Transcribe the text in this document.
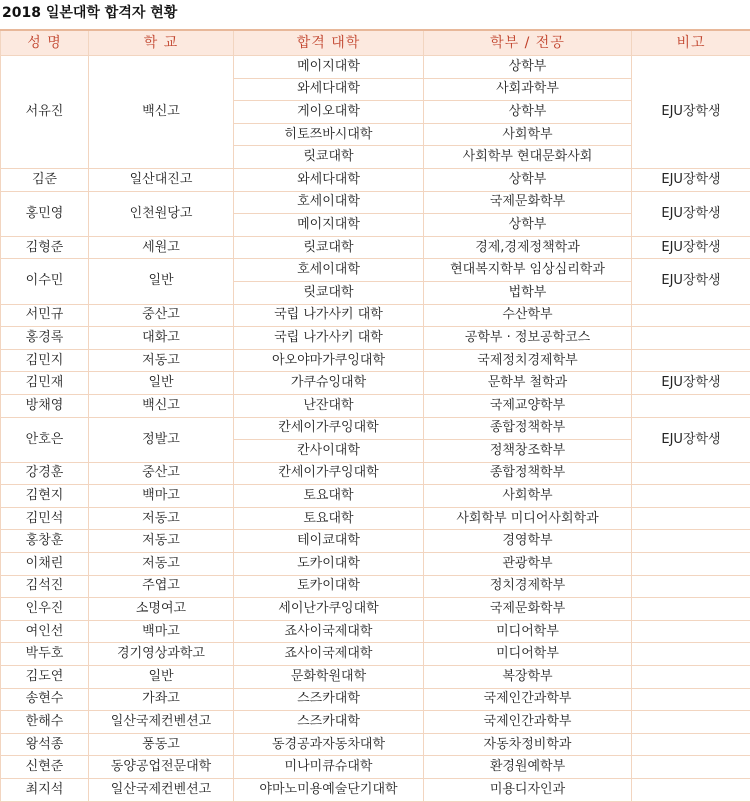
2018 일본대학 합격자 현황
성 명	학 교	합격 대학	학부 / 전공	비고
서유진	백신고	메이지대학	상학부	EJU장학생
		와세다대학	사회과학부	
		게이오대학	상학부	
		히토쯔바시대학	사회학부	
		릿쿄대학	사회학부 현대문화사회	
김준	일산대진고	와세다대학	상학부	EJU장학생
홍민영	인천원당고	호세이대학	국제문화학부	EJU장학생
		메이지대학	상학부	
김형준	세원고	릿쿄대학	경제,경제정책학과	EJU장학생
이수민	일반	호세이대학	현대복지학부 임상심리학과	EJU장학생
		릿쿄대학	법학부	
서민규	중산고	국립 나가사키 대학	수산학부	
홍경록	대화고	국립 나가사키 대학	공학부 · 정보공학코스	
김민지	저동고	아오야마가쿠잉대학	국제정치경제학부	
김민재	일반	가쿠슈잉대학	문학부 철학과	EJU장학생
방채영	백신고	난잔대학	국제교양학부	
안호은	정발고	칸세이가쿠잉대학	종합정책학부	EJU장학생
		칸사이대학	정책창조학부	
강경훈	중산고	칸세이가쿠잉대학	종합정책학부	
김현지	백마고	토요대학	사회학부	
김민석	저동고	토요대학	사회학부 미디어사회학과	
홍창훈	저동고	테이쿄대학	경영학부	
이채린	저동고	도카이대학	관광학부	
김석진	주엽고	토카이대학	정치경제학부	
인우진	소명여고	세이난가쿠잉대학	국제문화학부	
여인선	백마고	죠사이국제대학	미디어학부	
박두호	경기영상과학고	죠사이국제대학	미디어학부	
김도연	일반	문화학원대학	복장학부	
송현수	가좌고	스즈카대학	국제인간과학부	
한해수	일산국제컨벤션고	스즈카대학	국제인간과학부	
왕석종	풍동고	동경공과자동차대학	자동차정비학과	
신현준	동양공업전문대학	미나미큐슈대학	환경원예학부	
최지석	일산국제컨벤션고	야마노미용예술단기대학	미용디자인과	
